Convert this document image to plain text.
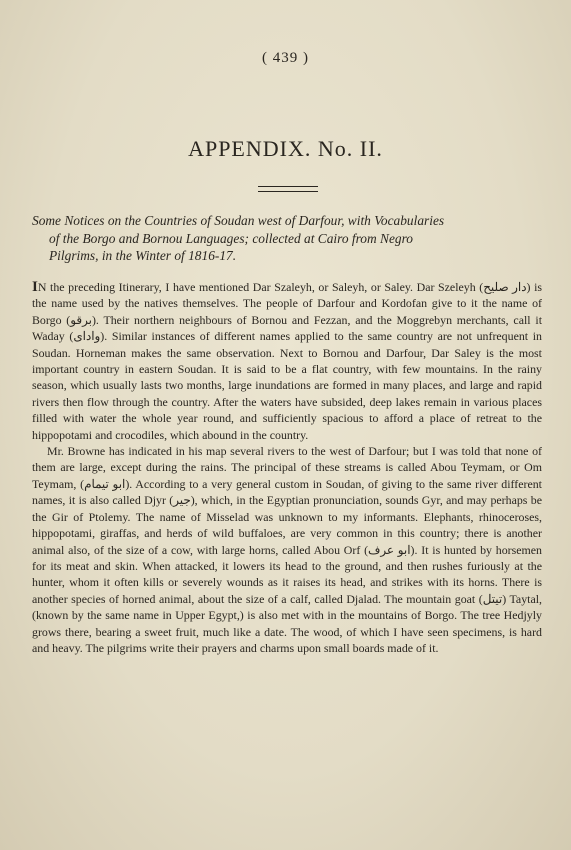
( 439 )
APPENDIX. No. II.
Some Notices on the Countries of Soudan west of Darfour, with Vocabularies
of the Borgo and Bornou Languages; collected at Cairo from Negro
Pilgrims, in the Winter of 1816-17.

IN the preceding Itinerary, I have mentioned Dar Szaleyh, or Saleyh, or Saley. Dar Szeleyh (دار صليح) is the name used by the natives themselves. The people of Darfour and Kordofan give to it the name of Borgo (برقو). Their northern neighbours of Bornou and Fezzan, and the Moggrebyn merchants, call it Waday (وادای). Similar instances of different names applied to the same country are not unfrequent in Soudan. Horneman makes the same observation. Next to Bornou and Darfour, Dar Saley is the most important country in eastern Soudan. It is said to be a flat country, with few mountains. In the rainy season, which usually lasts two months, large inundations are formed in many places, and large and rapid rivers then flow through the country. After the waters have subsided, deep lakes remain in various places filled with water the whole year round, and sufficiently spacious to afford a place of retreat to the hippopotami and crocodiles, which abound in the country.

Mr. Browne has indicated in his map several rivers to the west of Darfour; but I was told that none of them are large, except during the rains. The principal of these streams is called Abou Teymam, or Om Teymam, (ابو تيمام). According to a very general custom in Soudan, of giving to the same river different names, it is also called Djyr (جير), which, in the Egyptian pronunciation, sounds Gyr, and may perhaps be the Gir of Ptolemy. The name of Misselad was unknown to my informants. Elephants, rhinoceroses, hippopotami, giraffas, and herds of wild buffaloes, are very common in this country; there is another animal also, of the size of a cow, with large horns, called Abou Orf (ابو عرف). It is hunted by horsemen for its meat and skin. When attacked, it lowers its head to the ground, and then rushes furiously at the hunter, whom it often kills or severely wounds as it raises its head, and strikes with its horns. There is another species of horned animal, about the size of a calf, called Djalad. The mountain goat (تيتل) Taytal, (known by the same name in Upper Egypt,) is also met with in the mountains of Borgo. The tree Hedjyly grows there, bearing a sweet fruit, much like a date. The wood, of which I have seen specimens, is hard and heavy. The pilgrims write their prayers and charms upon small boards made of it.
